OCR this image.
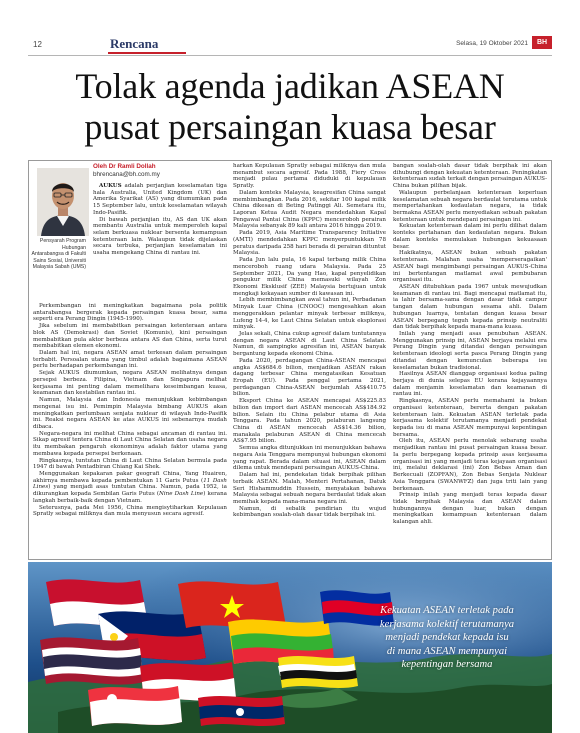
12	Rencana	Selasa, 19 Oktober 2021	BH
Tolak agenda jadikan ASEAN
pusat persaingan kuasa besar
Pensyarah Program Hubungan Antarabangsa di Fakulti Sains Sosial, Universiti Malaysia Sabah (UMS)
Oleh Dr Ramli Dollah
bhrencana@bh.com.my

AUKUS adalah perjanjian keselamatan tiga hala Australia, United Kingdom (UK) dan Amerika Syarikat (AS) yang diumumkan pada 15 September lalu, untuk keselamatan wilayah Indo-Pasifik.

Di bawah perjanjian itu, AS dan UK akan membantu Australia untuk memperoleh kapal selam berkuasa nuklear bersenta kemampuan ketenteraan lain. Walaupun tidak dijelaskan secara terbuka, perjanjian keselamatan ini usaha mengekang China di rantau ini.

Perkembangan ini meningkatkan bagaimana pola politik antarabangsa bergerak kepada persaingan kuasa besar, sama seperti era Perang Dingin (1945-1990).

Jika sebelum ini membabitkan persaingan ketenteraan antara blok AS (Demokrasi) dan Soviet (Komunis), kini persaingan membabitkan pula aktor berbeza antara AS dan China, serta turut membabitkan elemen ekonomi.

Dalam hal ini, negara ASEAN amat terkesan dalam persaingan terbabit. Persoalan utama yang timbul adalah bagaimana ASEAN perlu berhadapan perkembangan ini.

Sejak AUKUS diumumkan, negara ASEAN melihatnya dengan persepsi berbeza. Filipina, Vietnam dan Singapura melihat kerjasama ini penting dalam memelihara keseimbangan kuasa, keamanan dan kestabilan rantau ini.

Namun, Malaysia dan Indonesia menunjukkan kebimbangan mengenai isu ini. Pemimpin Malaysia bimbang AUKUS akan meningkatkan perlumbaan senjata nuklear di wilayah Indo-Pasifik ini. Reaksi negara ASEAN ke atas AUKUS ini sebenarnya mudah dibaca.

Negara-negara ini melihat China sebagai ancaman di rantau ini. Sikap agresif tentera China di Laut China Selatan dan usaha negara itu membakan pengaruh ekonominya adalah faktor utama yang membawa kepada persepsi berkenaan.

Ringkasnya, tuntutan China di Laut China Selatan bermula pada 1947 di bawah Pentadbiran Chiang Kai Shek.

Menggunakan kepakaran pakar geografi China, Yang Huairen, akhirnya membawa kepada pembentukan 11 Garis Putus (11 Dash Lines) yang menjadi asas tuntutan China. Namun, pada 1952, ia dikurangkan kepada Sembilan Garis Putus (Nine Dash Line) kerana langkah berbaik-baik dengan Vietnam.

Seterusnya, pada Mei 1956, China mengisytiharkan Kepulauan Spratly sebagai miliknya dan mula menyusun secara agresif.

harkan Kepulauan Spratly sebagai miliknya dan mula menambut secara agresif. Pada 1988, Fiery Cross menjadi pulau pertama diduduki di kepulauan Spratly.

Dalam konteks Malaysia, keagresifan China sangat membimbangkan. Pada 2016, sekitar 100 kapal milik China dikesan di Beting Patinggi Ali. Semetara itu, Laporan Ketua Audit Negara mendedahkan Kapal Pengawal Pantai China (KPPC) menceroboh perairan Malaysia sebanyak 89 kali antara 2016 hingga 2019.

Pada 2019, Asia Maritime Transparency Initiative (AMTI) mendedahkan KPPC menyerpuntukkan 78 peratus daripada 258 hari berada di perairan dituntut Malaysia.

Pada Jun lalu pula, 16 kapal terbang milik China menceroboh ruang udara Malaysia. Pada 25 September 2021, Da yang Hao, kapal penyelidikan pengukur milik China memasuki wilayah Zon Ekonomi Eksklusif (ZEE) Malaysia bertujuan untuk mengkaji kekayaan sumber di kawasan ini.

Lebih membimbangkan awal tahun ini, Perbadanan Minyak Luar China (CNOOC) mengesahkan akan menggerakkan pelantar minyak terbesar miliknya, Lufeng 14-4, ke Laut China Selatan untuk eksplorasi minyak.

Jelas sekali, China cukup agresif dalam tuntutannya dengan negara ASEAN di Laut China Selatan. Namun, di sampingke agresifan ini, ASEAN banyak bergantung kepada ekonomi China.

Pada 2020, perdagangan China-ASEAN mencapai angka AS$684.6 bilion, menjadikan ASEAN rakan dagang terbesar China mengatasikan Kesatuan Eropah (EU). Pada penggal pertama 2021, perdagangan China-ASEAN berjumlah AS$410.75 bilion.

Eksport China ke ASEAN mencapai AS$225.83 bilion dan import dari ASEAN mencecah AS$184.92 bilion. Selain itu China pelabur utama di Asia Tenggara. Pada tahun 2020, pelaburan langsung China di ASEAN mencecah AS$14.36 bilion, manakala pelaburan ASEAN di China mencecah AS$7.95 bilion.

Semua angka ditunjukkan ini menunjukkan bahawa negara Asia Tenggara mempunyai hubungan ekonomi yang rapat. Berada dalam situasi ini, ASEAN dalam dilema untuk mendepani persaingan AUKUS-China.

Dalam hal ini, pendekatan tidak berpihak pilihan terbaik ASEAN. Malah, Menteri Pertahanan, Datuk Seri Hishammuddin Hussein, menyatakan bahawa Malaysia sebagai sebuah negara berdaulat tidak akan memihak kepada mana-mana negara ini.

Namun, di sebalik pendirian itu wujud kebimbangan soalah-olah dasar tidak berpihak ini.

bangan soalah-olah dasar tidak berpihak ini akan dihubungi dengan kekuatan ketenteraan. Peningkatan ketenteraan sudah terkait dengan persaingan AUKUS-China bukan pilihan bijak.

Walaupun perbelanjaan ketenteraan keperluan keselamatan sebuah negara berdaulat terutama untuk mempertahankan kedaulatan negara, ia tidak bermakna ASEAN perlu menyediakan sebuah pakatan ketenteraan untuk mendepani persaingan ini.

Kekuatan ketenteraan dalam ini perlu dilihat dalam konteks pertahanan dan kedaulatan negara. Bukan dalam konteks memulakan hubungan kekuasaan besar.

Hakikatnya, ASEAN bukan sebuah pakatan ketenteraan. Malahan usaha 'memperseragaikan' ASEAN bagi mengimbangi persaingan AUKUS-China ini bertentangan matlamat awal pembubaran organisasi itu.

ASEAN ditubuhkan pada 1967 untuk mewujudkan keamanan di rantau ini. Bagi mencapai matlamat itu, ia lahir bersama-sama dengan dasar tidak campur tangan dalam hubungan sesama ahli. Dalam hubungan luarnya, tentatan dengan kuasa besar ASEAN berpegang teguh kepada prinsip neutraliti dan tidak berpihak kepada mana-mana kuasa.

Inilah yang menjadi asas penubuhan ASEAN. Menggunakan prinsip ini, ASEAN berjaya melalui era Perang Dingin yang ditandai dengan persaingan ketenteraan ideologi serta pasca Perang Dingin yang ditandai dengan kemunculan beberapa isu keselamatan bukan tradisional.

Hasilnya ASEAN dianggap organisasi kedua paling berjaya di dunia selepas EU kerana kejayaannya dalam menjamin keselamatan dan keamanan di rantau ini.

Ringkasnya, ASEAN perlu memahami ia bukan organisasi ketenteraan, bererta dengan pakatan ketenteraan lain. Kekuatan ASEAN terletak pada kerjasama kolektif terutamanya menjadi pendekat kepada isu di mana ASEAN mempunyai kepentingan bersama.

Oleh itu, ASEAN perlu menolak sebarang usaha menjadikan rantau ini pusat persaingan kuasa besar. Ia perlu berpegang kepada prinsip asas kerjasama organisasi ini yang menjadi teras kejayaan organisasi ini, melalui deklarasi (ini) Zon Bebas Aman dan Berkecuali (ZOPFAN), Zon Bebas Senjata Nuklear Asia Tenggara (SWANWFZ) dan juga triti lain yang berkenaan.

Prinsip inilah yang menjadi teras kepada dasar tidak berpihak Malaysia dan ASEAN dalam hubungannya dengan luar, bukan dengan meningkatkan kemampuan ketenteraan dalam kalangan ahli.

Kekuatan ASEAN terletak pada
kerjasama kolektif terutamanya
menjadi pendekat kepada isu
di mana ASEAN mempunyai
kepentingan bersama
